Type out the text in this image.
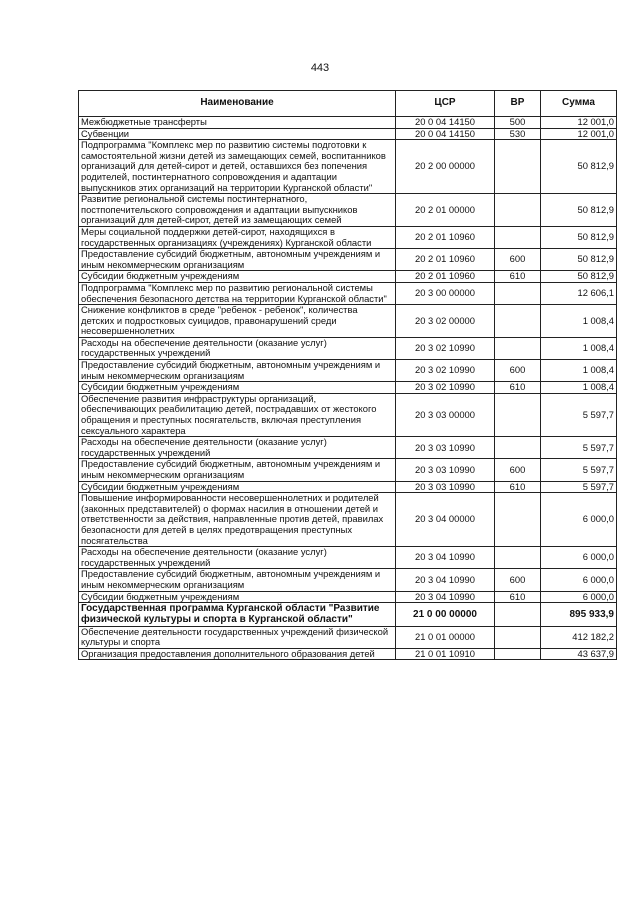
443
Наименование	ЦСР	ВР	Сумма
Межбюджетные трансферты	20 0 04 14150	500	12 001,0
Субвенции	20 0 04 14150	530	12 001,0
Подпрограмма "Комплекс мер по развитию системы подготовки к самостоятельной жизни детей из замещающих семей, воспитанников организаций для детей-сирот и детей, оставшихся без попечения родителей, постинтернатного сопровождения и адаптации выпускников этих организаций на территории Курганской области"	20 2 00 00000		50 812,9
Развитие региональной системы постинтернатного, постпопечительского сопровождения и адаптации выпускников организаций для детей-сирот, детей из замещающих семей	20 2 01 00000		50 812,9
Меры социальной поддержки детей-сирот, находящихся в государственных организациях (учреждениях) Курганской области	20 2 01 10960		50 812,9
Предоставление субсидий бюджетным, автономным учреждениям и иным некоммерческим организациям	20 2 01 10960	600	50 812,9
Субсидии бюджетным учреждениям	20 2 01 10960	610	50 812,9
Подпрограмма "Комплекс мер по развитию региональной системы обеспечения безопасного детства на территории Курганской области"	20 3 00 00000		12 606,1
Снижение конфликтов в среде "ребенок - ребенок", количества детских и подростковых суицидов, правонарушений среди несовершеннолетних	20 3 02 00000		1 008,4
Расходы на обеспечение деятельности (оказание услуг) государственных учреждений	20 3 02 10990		1 008,4
Предоставление субсидий бюджетным, автономным учреждениям и иным некоммерческим организациям	20 3 02 10990	600	1 008,4
Субсидии бюджетным учреждениям	20 3 02 10990	610	1 008,4
Обеспечение развития инфраструктуры организаций, обеспечивающих реабилитацию детей, пострадавших от жестокого обращения и преступных посягательств, включая преступления сексуального характера	20 3 03 00000		5 597,7
Расходы на обеспечение деятельности (оказание услуг) государственных учреждений	20 3 03 10990		5 597,7
Предоставление субсидий бюджетным, автономным учреждениям и иным некоммерческим организациям	20 3 03 10990	600	5 597,7
Субсидии бюджетным учреждениям	20 3 03 10990	610	5 597,7
Повышение информированности несовершеннолетних и родителей (законных представителей) о формах насилия в отношении детей и ответственности за действия, направленные против детей, правилах безопасности для детей в целях предотвращения преступных посягательства	20 3 04 00000		6 000,0
Расходы на обеспечение деятельности (оказание услуг) государственных учреждений	20 3 04 10990		6 000,0
Предоставление субсидий бюджетным, автономным учреждениям и иным некоммерческим организациям	20 3 04 10990	600	6 000,0
Субсидии бюджетным учреждениям	20 3 04 10990	610	6 000,0
Государственная программа Курганской области "Развитие физической культуры и спорта в Курганской области"	21 0 00 00000		895 933,9
Обеспечение деятельности государственных учреждений физической культуры и спорта	21 0 01 00000		412 182,2
Организация предоставления дополнительного образования детей	21 0 01 10910		43 637,9
